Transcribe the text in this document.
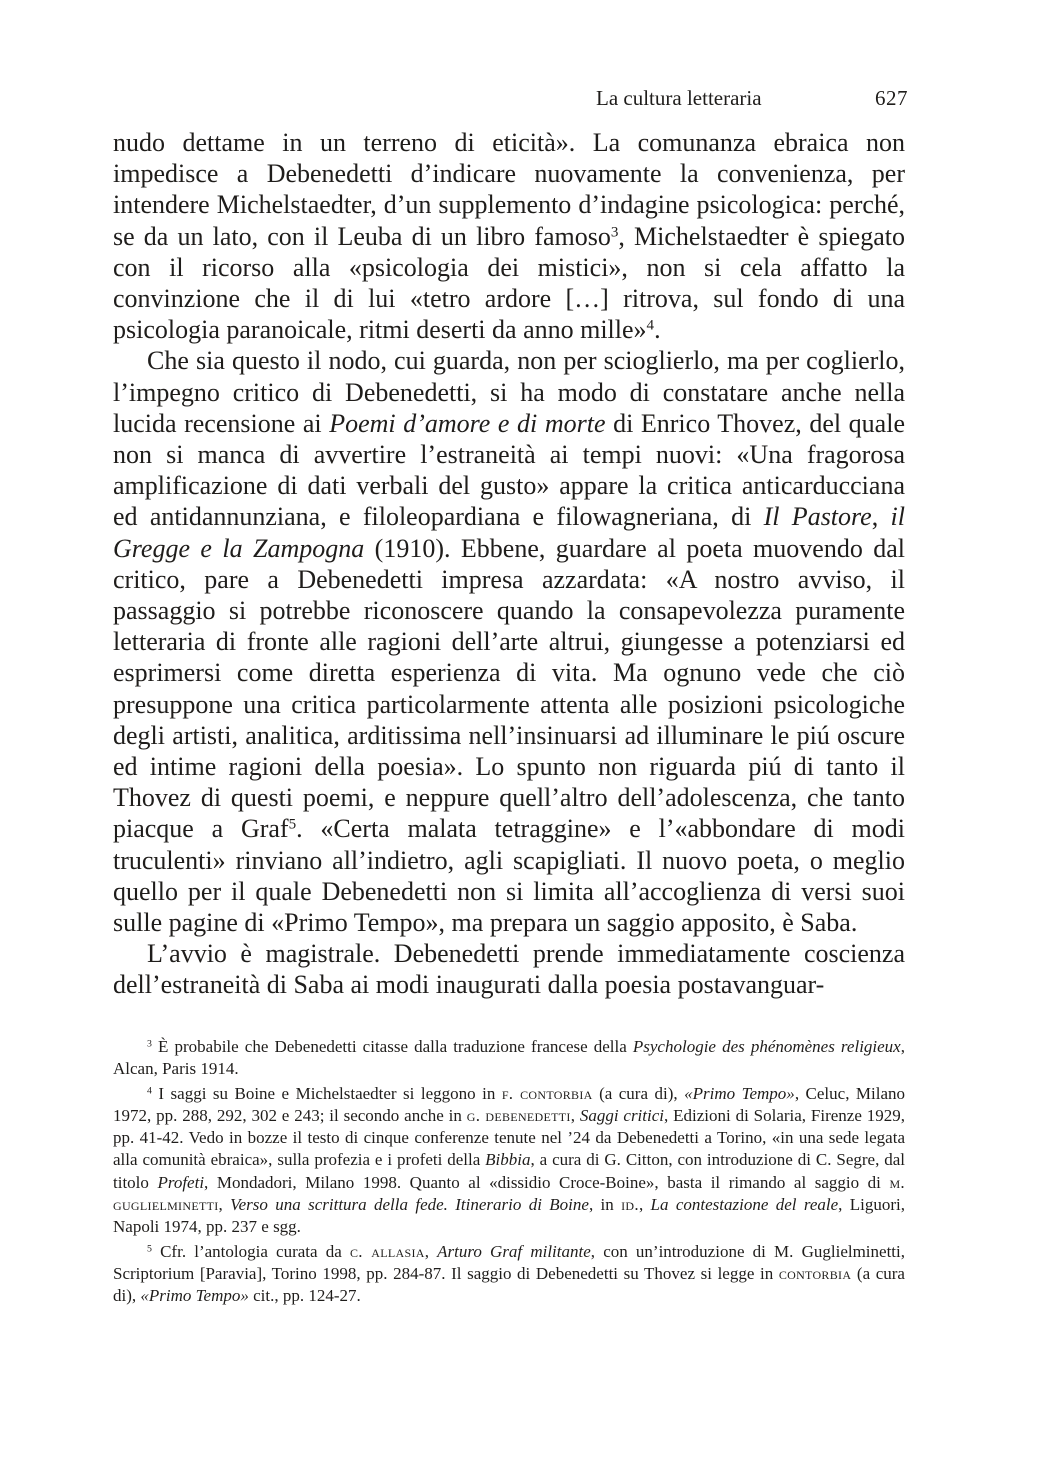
La cultura letteraria	627

nudo dettame in un terreno di eticità». La comunanza ebraica non impedisce a Debenedetti d’indicare nuovamente la convenienza, per intendere Michelstaedter, d’un supplemento d’indagine psicologica: perché, se da un lato, con il Leuba di un libro famoso$^3$, Michelstaedter è spiegato con il ricorso alla «psicologia dei mistici», non si cela affatto la convinzione che il di lui «tetro ardore […] ritrova, sul fondo di una psicologia paranoicale, ritmi deserti da anno mille»$^4$.

Che sia questo il nodo, cui guarda, non per scioglierlo, ma per coglierlo, l’impegno critico di Debenedetti, si ha modo di constatare anche nella lucida recensione ai Poemi d’amore e di morte di Enrico Thovez, del quale non si manca di avvertire l’estraneità ai tempi nuovi: «Una fragorosa amplificazione di dati verbali del gusto» appare la critica anticarducciana ed antidannunziana, e filoleopardiana e filowagneriana, di Il Pastore, il Gregge e la Zampogna (1910). Ebbene, guardare al poeta muovendo dal critico, pare a Debenedetti impresa azzardata: «A nostro avviso, il passaggio si potrebbe riconoscere quando la consapevolezza puramente letteraria di fronte alle ragioni dell’arte altrui, giungesse a potenziarsi ed esprimersi come diretta esperienza di vita. Ma ognuno vede che ciò presuppone una critica particolarmente attenta alle posizioni psicologiche degli artisti, analitica, arditissima nell’insinuarsi ad illuminare le piú oscure ed intime ragioni della poesia». Lo spunto non riguarda piú di tanto il Thovez di questi poemi, e neppure quell’altro dell’adolescenza, che tanto piacque a Graf$^5$. «Certa malata tetraggine» e l’«abbondare di modi truculenti» rinviano all’indietro, agli scapigliati. Il nuovo poeta, o meglio quello per il quale Debenedetti non si limita all’accoglienza di versi suoi sulle pagine di «Primo Tempo», ma prepara un saggio apposito, è Saba.

L’avvio è magistrale. Debenedetti prende immediatamente coscienza dell’estraneità di Saba ai modi inaugurati dalla poesia postavanguar-

$^3$ È probabile che Debenedetti citasse dalla traduzione francese della Psychologie des phénomènes religieux, Alcan, Paris 1914.

$^4$ I saggi su Boine e Michelstaedter si leggono in f. contorbia (a cura di), «Primo Tempo», Celuc, Milano 1972, pp. 288, 292, 302 e 243; il secondo anche in g. debenedetti, Saggi critici, Edizioni di Solaria, Firenze 1929, pp. 41-42. Vedo in bozze il testo di cinque conferenze tenute nel ’24 da Debenedetti a Torino, «in una sede legata alla comunità ebraica», sulla profezia e i profeti della Bibbia, a cura di G. Citton, con introduzione di C. Segre, dal titolo Profeti, Mondadori, Milano 1998. Quanto al «dissidio Croce-Boine», basta il rimando al saggio di m. guglielminetti, Verso una scrittura della fede. Itinerario di Boine, in id., La contestazione del reale, Liguori, Napoli 1974, pp. 237 e sgg.

$^5$ Cfr. l’antologia curata da c. allasia, Arturo Graf militante, con un’introduzione di M. Guglielminetti, Scriptorium [Paravia], Torino 1998, pp. 284-87. Il saggio di Debenedetti su Thovez si legge in contorbia (a cura di), «Primo Tempo» cit., pp. 124-27.
